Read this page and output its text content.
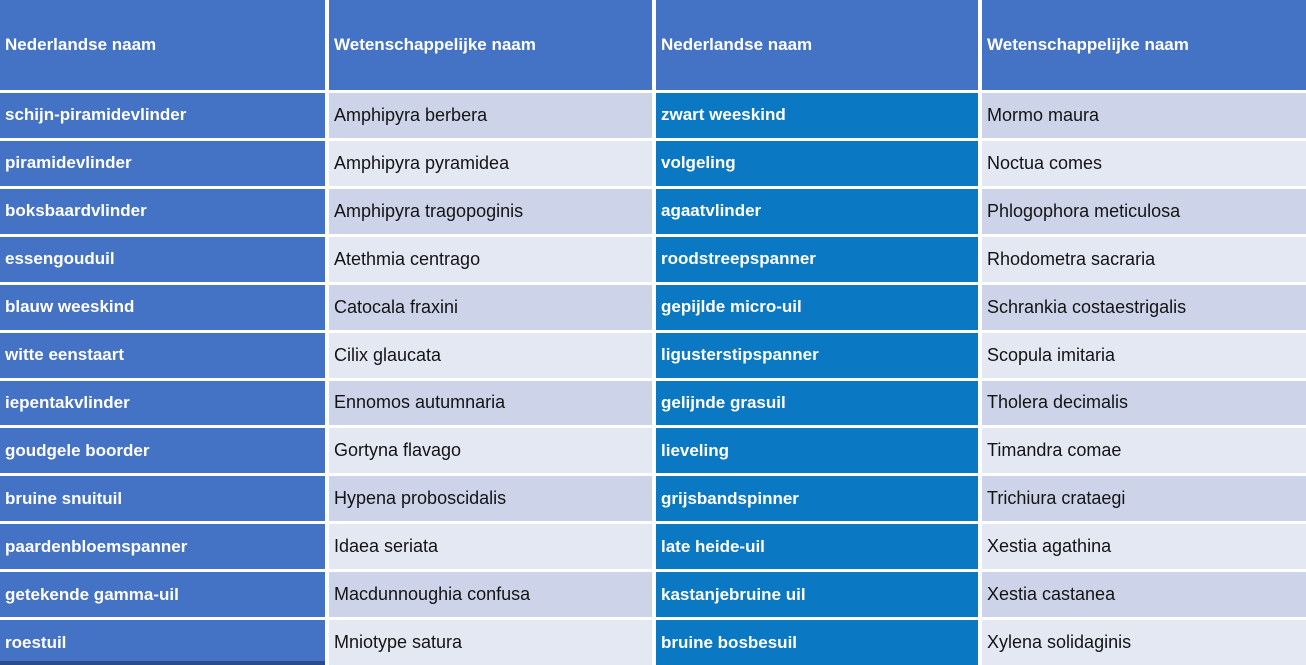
Nederlandse naam	Wetenschappelijke naam	Nederlandse naam	Wetenschappelijke naam
schijn-piramidevlinder	Amphipyra berbera	zwart weeskind	Mormo maura
piramidevlinder	Amphipyra pyramidea	volgeling	Noctua comes
boksbaardvlinder	Amphipyra tragopoginis	agaatvlinder	Phlogophora meticulosa
essengouduil	Atethmia centrago	roodstreepspanner	Rhodometra sacraria
blauw weeskind	Catocala fraxini	gepijlde micro-uil	Schrankia costaestrigalis
witte eenstaart	Cilix glaucata	ligusterstipspanner	Scopula imitaria
iepentakvlinder	Ennomos autumnaria	gelijnde grasuil	Tholera decimalis
goudgele boorder	Gortyna flavago	lieveling	Timandra comae
bruine snuituil	Hypena proboscidalis	grijsbandspinner	Trichiura crataegi
paardenbloemspanner	Idaea seriata	late heide-uil	Xestia agathina
getekende gamma-uil	Macdunnoughia confusa	kastanjebruine uil	Xestia castanea
roestuil	Mniotype satura	bruine bosbesuil	Xylena solidaginis
